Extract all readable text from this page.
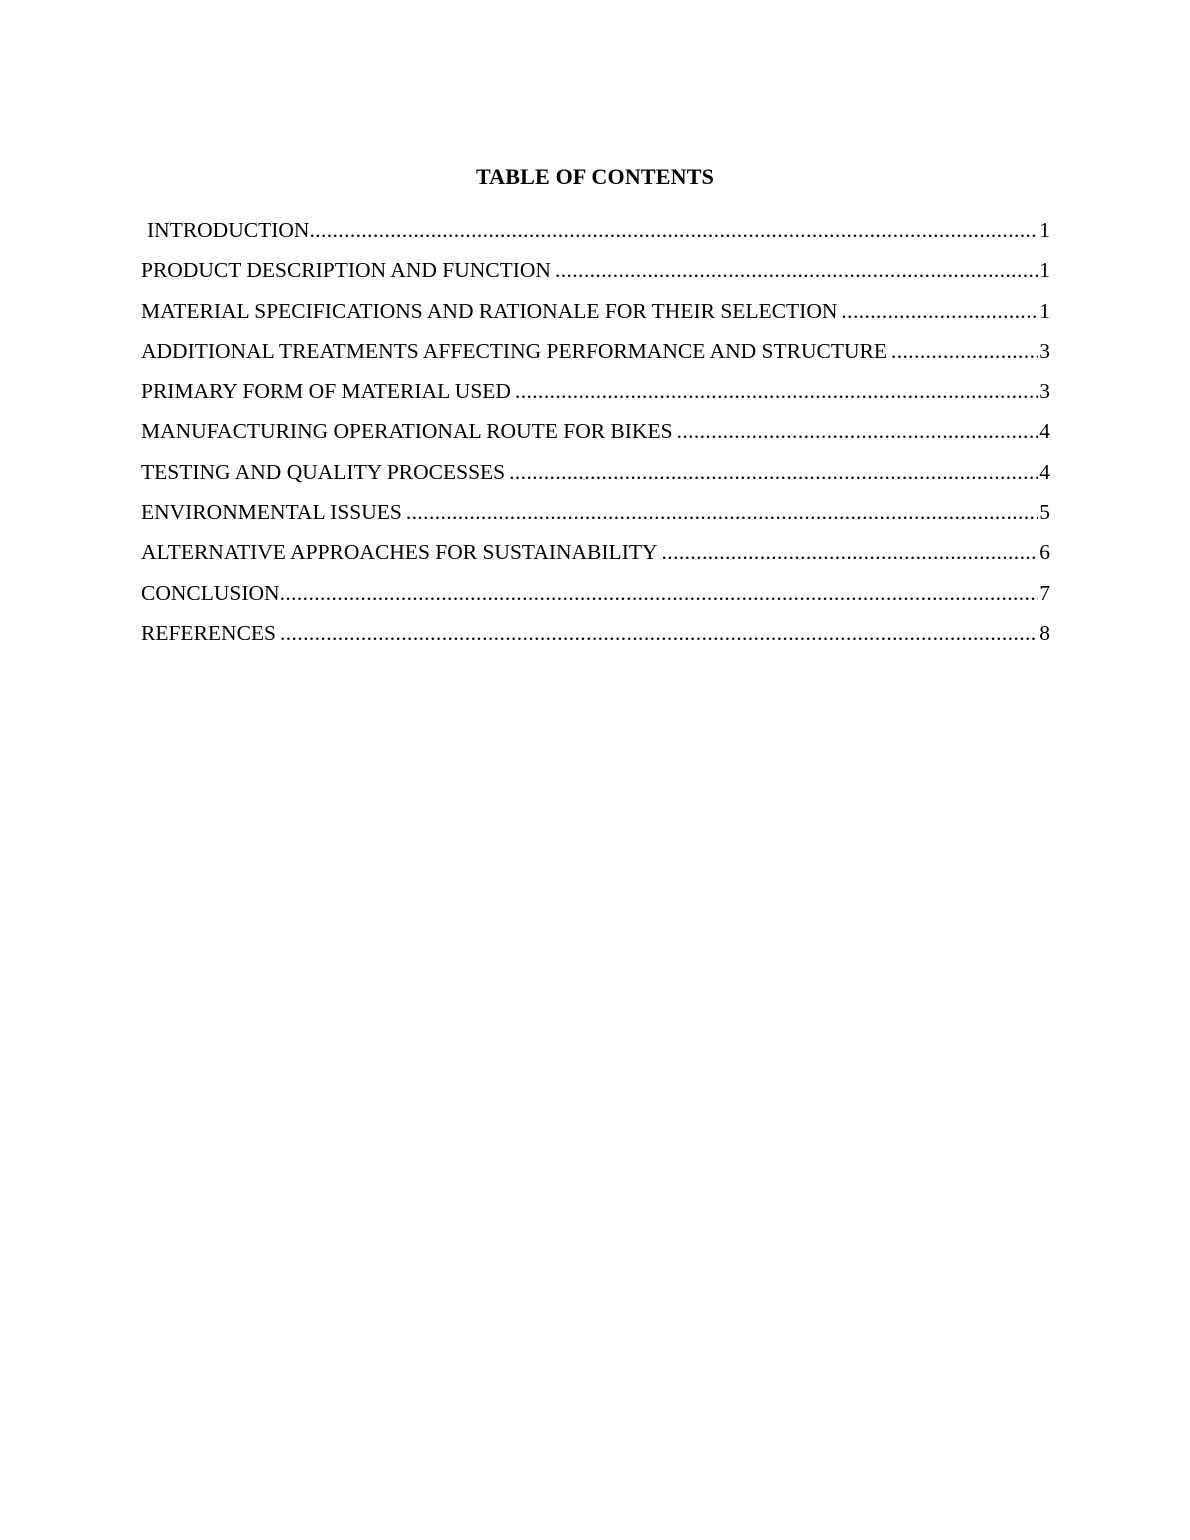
TABLE OF CONTENTS
INTRODUCTION .....	1
PRODUCT DESCRIPTION AND FUNCTION .....	1
MATERIAL SPECIFICATIONS AND RATIONALE FOR THEIR SELECTION .....	1
ADDITIONAL TREATMENTS AFFECTING PERFORMANCE AND STRUCTURE .....	3
PRIMARY FORM OF MATERIAL USED .....	3
MANUFACTURING OPERATIONAL ROUTE FOR BIKES .....	4
TESTING AND QUALITY PROCESSES .....	4
ENVIRONMENTAL ISSUES .....	5
ALTERNATIVE APPROACHES FOR SUSTAINABILITY .....	6
CONCLUSION .....	7
REFERENCES .....	8
